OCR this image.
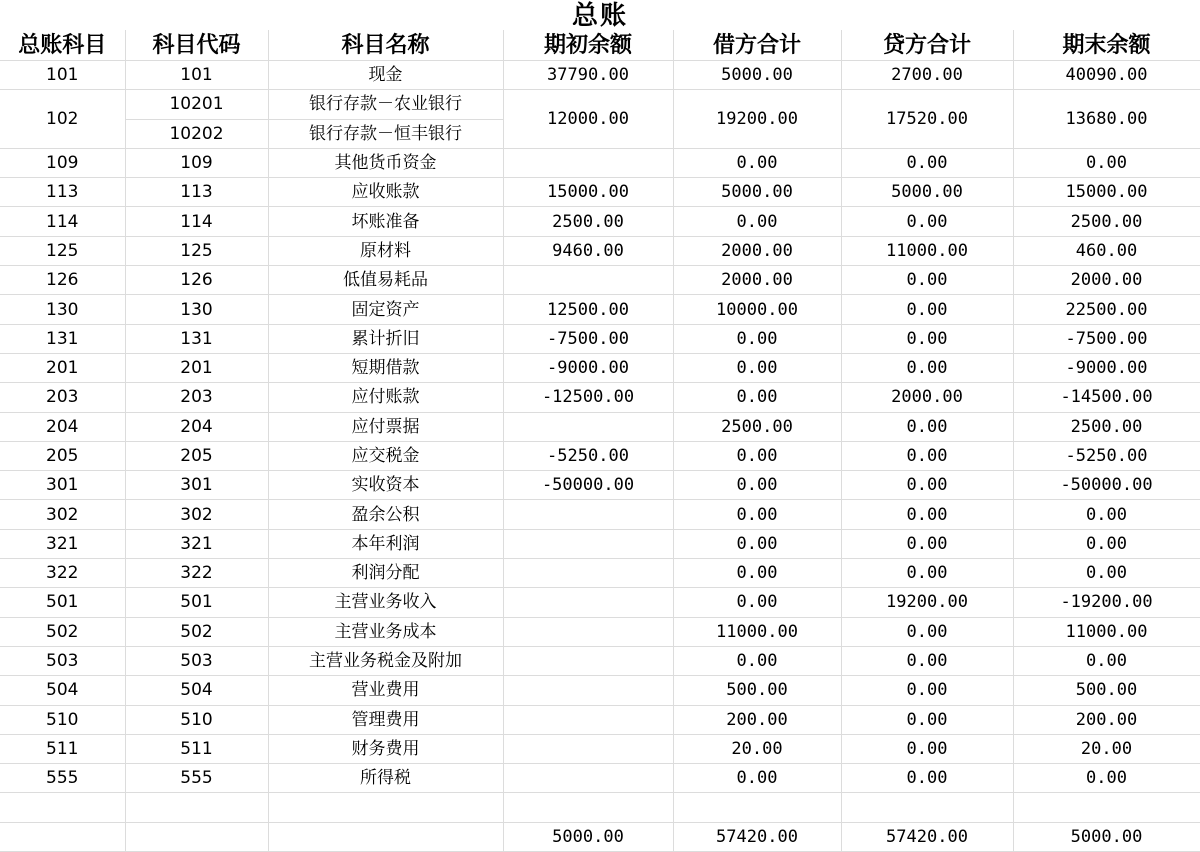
总账
总账科目	科目代码	科目名称	期初余额	借方合计	贷方合计	期末余额
101	101	现金	37790.00	5000.00	2700.00	40090.00
102	10201	银行存款－农业银行	12000.00	19200.00	17520.00	13680.00
	10202	银行存款－恒丰银行				
109	109	其他货币资金		0.00	0.00	0.00
113	113	应收账款	15000.00	5000.00	5000.00	15000.00
114	114	坏账准备	2500.00	0.00	0.00	2500.00
125	125	原材料	9460.00	2000.00	11000.00	460.00
126	126	低值易耗品		2000.00	0.00	2000.00
130	130	固定资产	12500.00	10000.00	0.00	22500.00
131	131	累计折旧	-7500.00	0.00	0.00	-7500.00
201	201	短期借款	-9000.00	0.00	0.00	-9000.00
203	203	应付账款	-12500.00	0.00	2000.00	-14500.00
204	204	应付票据		2500.00	0.00	2500.00
205	205	应交税金	-5250.00	0.00	0.00	-5250.00
301	301	实收资本	-50000.00	0.00	0.00	-50000.00
302	302	盈余公积		0.00	0.00	0.00
321	321	本年利润		0.00	0.00	0.00
322	322	利润分配		0.00	0.00	0.00
501	501	主营业务收入		0.00	19200.00	-19200.00
502	502	主营业务成本		11000.00	0.00	11000.00
503	503	主营业务税金及附加		0.00	0.00	0.00
504	504	营业费用		500.00	0.00	500.00
510	510	管理费用		200.00	0.00	200.00
511	511	财务费用		20.00	0.00	20.00
555	555	所得税		0.00	0.00	0.00

			5000.00	57420.00	57420.00	5000.00
